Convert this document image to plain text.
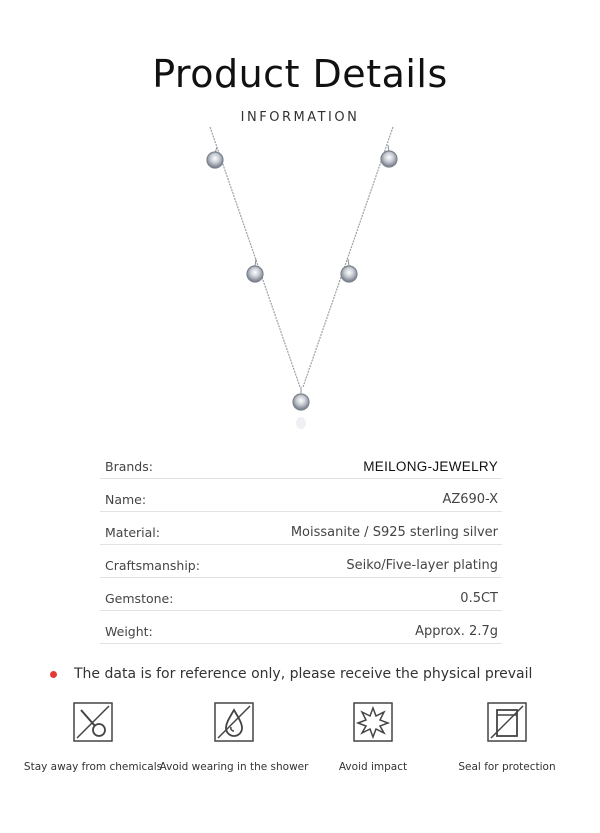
Product Details
INFORMATION
Brands:	MEILONG-JEWELRY
Name:	AZ690-X
Material:	Moissanite / S925 sterling silver
Craftsmanship:	Seiko/Five-layer plating
Gemstone:	0.5CT
Weight:	Approx. 2.7g
The data is for reference only, please receive the physical prevail
Stay away from chemicals
Avoid wearing in the shower	Avoid impact	Seal for protection
